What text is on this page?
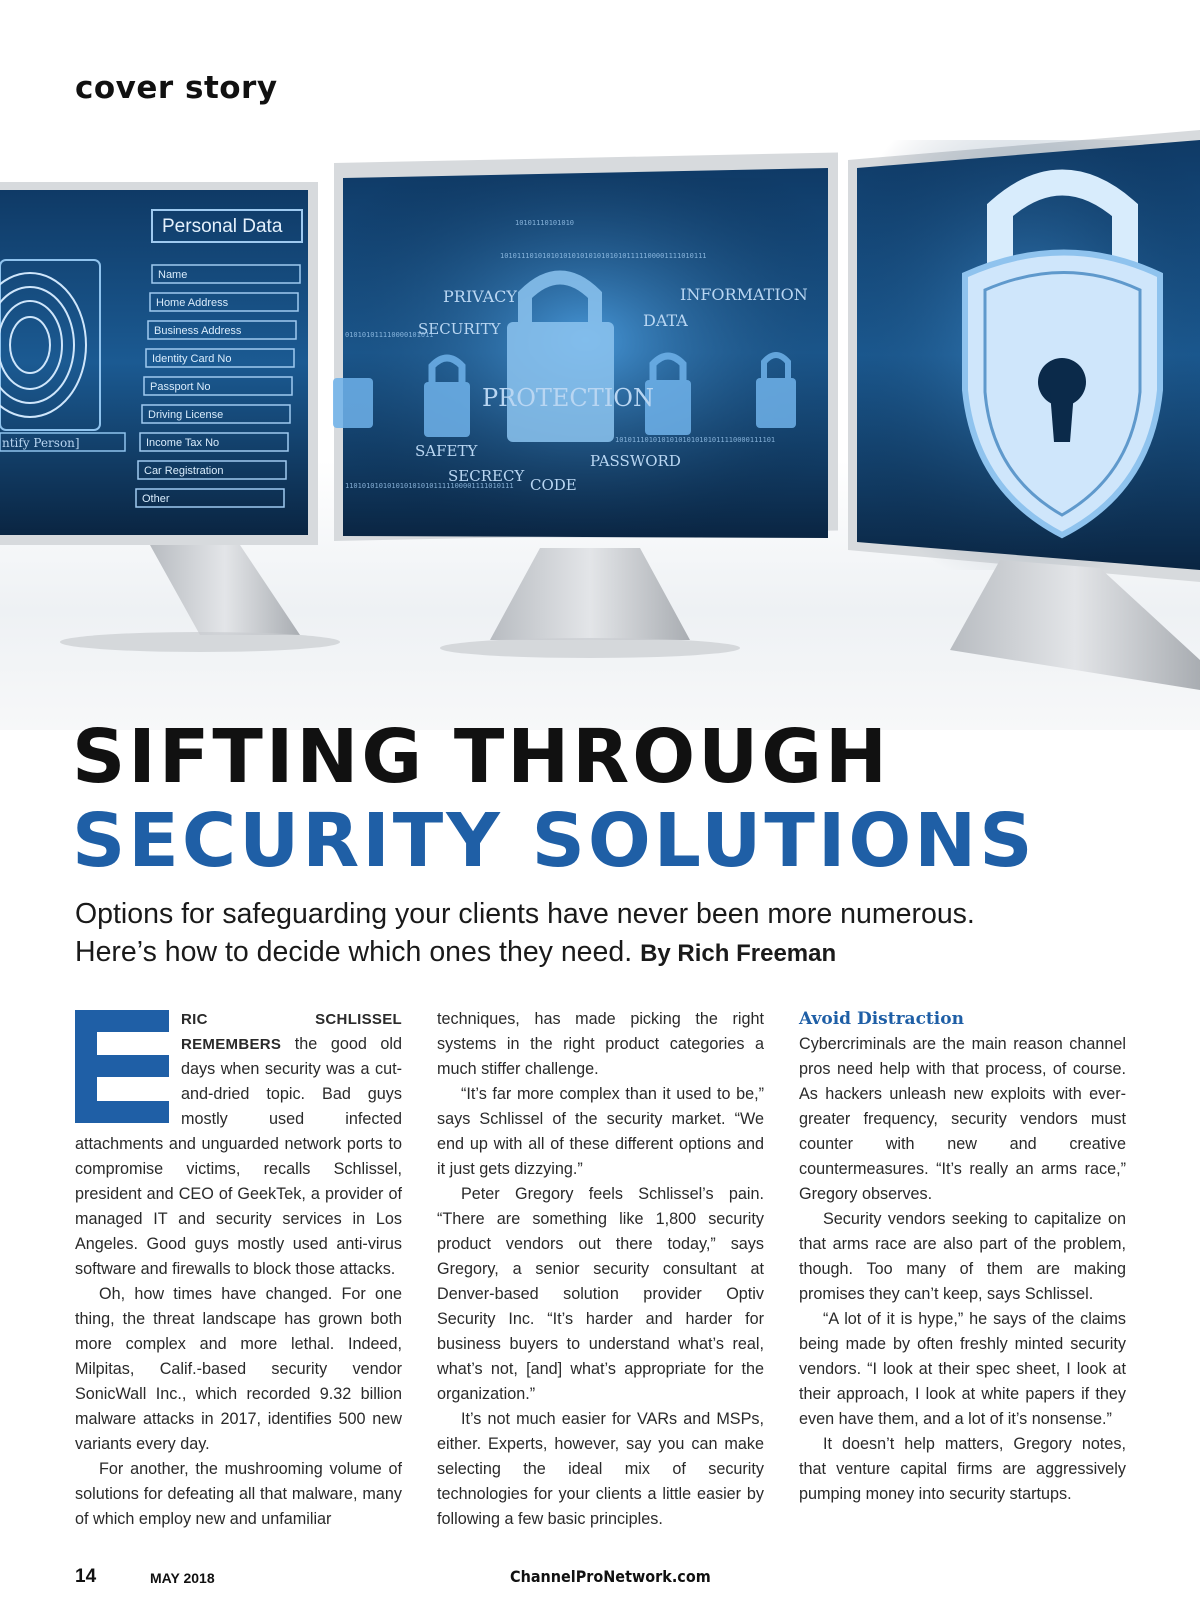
cover story
ntify Person]
Personal Data
Name
Home Address
Business Address
Identity Card No
Passport No
Driving License
Income Tax No
Car Registration
Other
PRIVACY	INFORMATION
DATA
SECURITY
PROTECTION
SAFETY
PASSWORD
SECRECY CODE
10101110101010
1010111010101010101010101010101111100001111010111
010101011110000101011
10101110101010101010101011110000111101
1101010101010101010101111100001111010111
SIFTING THROUGH
SECURITY SOLUTIONS
Options for safeguarding your clients have never been more numerous.
Here’s how to decide which ones they need. By Rich Freeman

RIC SCHLISSEL REMEMBERS the good old days when security was a cut-and-dried topic. Bad guys mostly used infected attachments and unguarded network ports to compromise victims, recalls Schlissel, president and CEO of GeekTek, a provider of managed IT and security services in Los Angeles. Good guys mostly used anti-virus software and firewalls to block those attacks.

Oh, how times have changed. For one thing, the threat landscape has grown both more complex and more lethal. Indeed, Milpitas, Calif.-based security vendor SonicWall Inc., which recorded 9.32 billion malware attacks in 2017, identifies 500 new variants every day.

For another, the mushrooming volume of solutions for defeating all that malware, many of which employ new and unfamiliar

techniques, has made picking the right systems in the right product categories a much stiffer challenge.

“It’s far more complex than it used to be,” says Schlissel of the security market. “We end up with all of these different options and it just gets dizzying.”

Peter Gregory feels Schlissel’s pain. “There are something like 1,800 security product vendors out there today,” says Gregory, a senior security consultant at Denver-based solution provider Optiv Security Inc. “It’s harder and harder for business buyers to understand what’s real, what’s not, [and] what’s appropriate for the organization.”

It’s not much easier for VARs and MSPs, either. Experts, however, say you can make selecting the ideal mix of security technologies for your clients a little easier by following a few basic principles.

Avoid Distraction

Cybercriminals are the main reason channel pros need help with that process, of course. As hackers unleash new exploits with ever-greater frequency, security vendors must counter with new and creative countermeasures. “It’s really an arms race,” Gregory observes.

Security vendors seeking to capitalize on that arms race are also part of the problem, though. Too many of them are making promises they can’t keep, says Schlissel.

“A lot of it is hype,” he says of the claims being made by often freshly minted security vendors. “I look at their spec sheet, I look at their approach, I look at white papers if they even have them, and a lot of it’s nonsense.”

It doesn’t help matters, Gregory notes, that venture capital firms are aggressively pumping money into security startups.

14	MAY 2018	ChannelProNetwork.com
